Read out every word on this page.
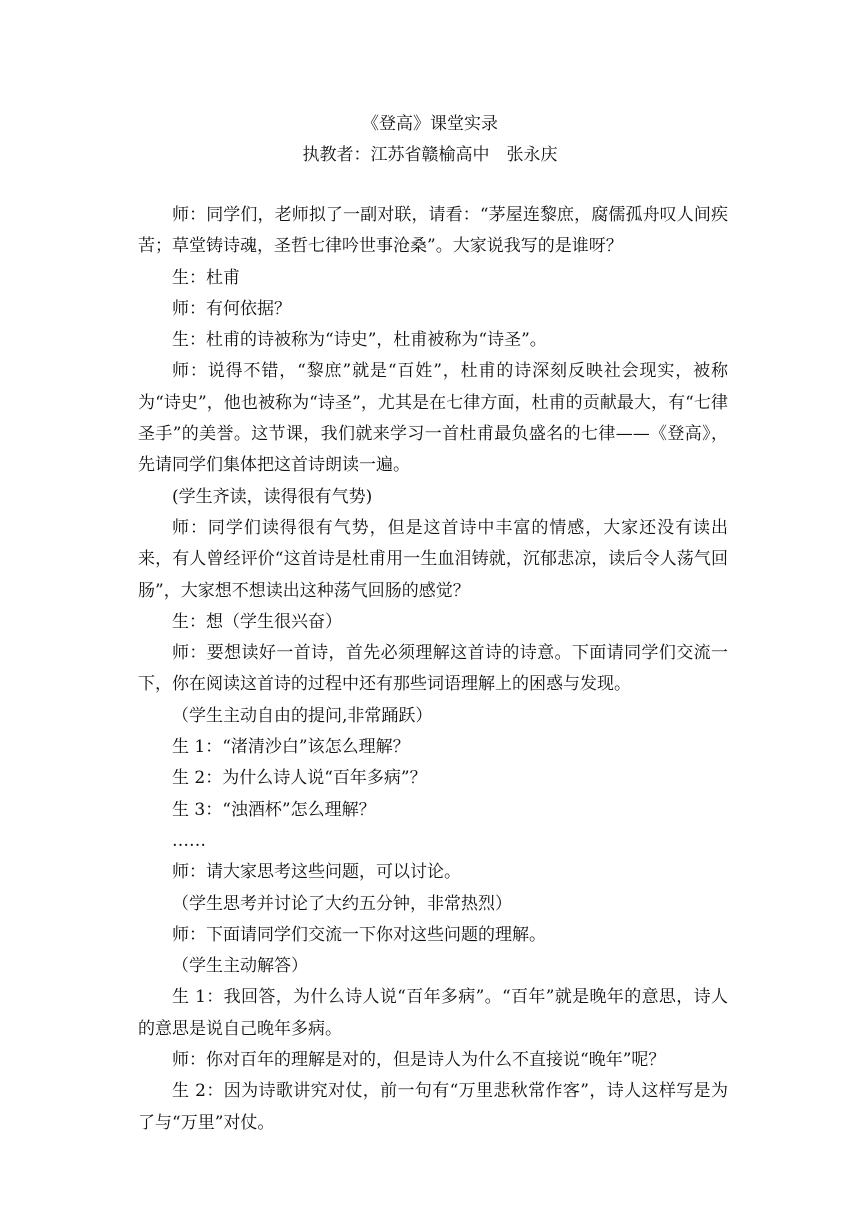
《登高》课堂实录
执教者：江苏省赣榆高中　张永庆

师：同学们，老师拟了一副对联，请看：“茅屋连黎庶，腐儒孤舟叹人间疾苦；草堂铸诗魂，圣哲七律吟世事沧桑”。大家说我写的是谁呀？

生：杜甫

师：有何依据？

生：杜甫的诗被称为“诗史”，杜甫被称为“诗圣”。

师：说得不错，“黎庶”就是“百姓”，杜甫的诗深刻反映社会现实，被称为“诗史”，他也被称为“诗圣”，尤其是在七律方面，杜甫的贡献最大，有“七律圣手”的美誉。这节课，我们就来学习一首杜甫最负盛名的七律——《登高》，先请同学们集体把这首诗朗读一遍。

(学生齐读，读得很有气势)

师：同学们读得很有气势，但是这首诗中丰富的情感，大家还没有读出来，有人曾经评价“这首诗是杜甫用一生血泪铸就，沉郁悲凉，读后令人荡气回肠”，大家想不想读出这种荡气回肠的感觉？

生：想（学生很兴奋）

师：要想读好一首诗，首先必须理解这首诗的诗意。下面请同学们交流一下，你在阅读这首诗的过程中还有那些词语理解上的困惑与发现。

（学生主动自由的提问,非常踊跃）

生 1：“渚清沙白”该怎么理解？

生 2：为什么诗人说“百年多病”？

生 3：“浊酒杯”怎么理解？

……

师：请大家思考这些问题，可以讨论。

（学生思考并讨论了大约五分钟，非常热烈）

师：下面请同学们交流一下你对这些问题的理解。

（学生主动解答）

生 1：我回答，为什么诗人说“百年多病”。“百年”就是晚年的意思，诗人的意思是说自己晚年多病。

师：你对百年的理解是对的，但是诗人为什么不直接说“晚年”呢？

生 2：因为诗歌讲究对仗，前一句有“万里悲秋常作客”，诗人这样写是为了与“万里”对仗。
